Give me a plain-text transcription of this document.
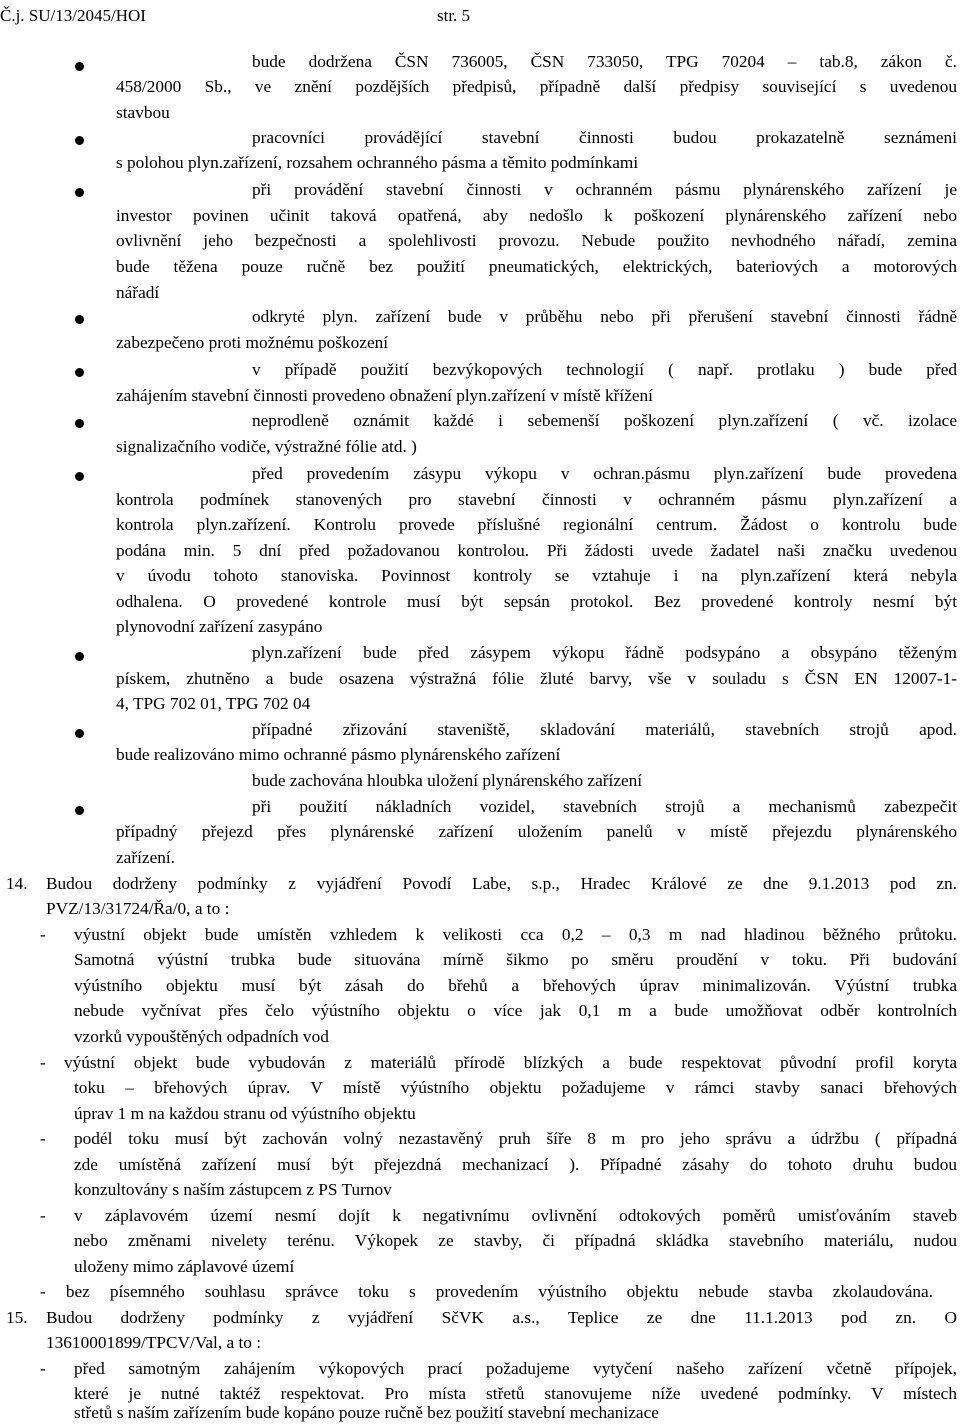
Č.j. SU/13/2045/HOI	str. 5
bude dodržena ČSN 736005, ČSN 733050, TPG 70204 – tab.8, zákon č.
458/2000 Sb., ve znění pozdějších předpisů, případně další předpisy související s uvedenou
stavbou
pracovníci provádějící stavební činnosti budou prokazatelně seznámeni
s polohou plyn.zařízení, rozsahem ochranného pásma a těmito podmínkami
při provádění stavební činnosti v ochranném pásmu plynárenského zařízení je
investor povinen učinit taková opatřená, aby nedošlo k poškození plynárenského zařízení nebo
ovlivnění jeho bezpečnosti a spolehlivosti provozu. Nebude použito nevhodného nářadí, zemina
bude těžena pouze ručně bez použití pneumatických, elektrických, bateriových a motorových
nářadí
odkryté plyn. zařízení bude v průběhu nebo při přerušení stavební činnosti řádně
zabezpečeno proti možnému poškození
v případě použití bezvýkopových technologií ( např. protlaku ) bude před
zahájením stavební činnosti provedeno obnažení plyn.zařízení v místě křížení
neprodleně oznámit každé i sebemenší poškození plyn.zařízení ( vč. izolace
signalizačního vodiče, výstražné fólie atd. )
před provedením zásypu výkopu v ochran.pásmu plyn.zařízení bude provedena
kontrola podmínek stanovených pro stavební činnosti v ochranném pásmu plyn.zařízení a
kontrola plyn.zařízení. Kontrolu provede příslušné regionální centrum. Žádost o kontrolu bude
podána min. 5 dní před požadovanou kontrolou. Při žádosti uvede žadatel naši značku uvedenou
v úvodu tohoto stanoviska. Povinnost kontroly se vztahuje i na plyn.zařízení která nebyla
odhalena. O provedené kontrole musí být sepsán protokol. Bez provedené kontroly nesmí být
plynovodní zařízení zasypáno
plyn.zařízení bude před zásypem výkopu řádně podsypáno a obsypáno těženým
pískem, zhutněno a bude osazena výstražná fólie žluté barvy, vše v souladu s ČSN EN 12007-1-
4, TPG 702 01, TPG 702 04
případné zřizování staveniště, skladování materiálů, stavebních strojů apod.
bude realizováno mimo ochranné pásmo plynárenského zařízení
bude zachována hloubka uložení plynárenského zařízení
při použití nákladních vozidel, stavebních strojů a mechanismů zabezpečit
případný přejezd přes plynárenské zařízení uložením panelů v místě přejezdu plynárenského
zařízení.
14. Budou dodrženy podmínky z vyjádření Povodí Labe, s.p., Hradec Králové ze dne 9.1.2013 pod zn.
PVZ/13/31724/Řa/0, a to :
- výustní objekt bude umístěn vzhledem k velikosti cca 0,2 – 0,3 m nad hladinou běžného průtoku.
Samotná výústní trubka bude situována mírně šikmo po směru proudění v toku. Při budování
výústního objektu musí být zásah do břehů a břehových úprav minimalizován. Výústní trubka
nebude vyčnívat přes čelo výústního objektu o více jak 0,1 m a bude umožňovat odběr kontrolních
vzorků vypouštěných odpadních vod
- výústní objekt bude vybudován z materiálů přírodě blízkých a bude respektovat původní profil koryta
toku – břehových úprav. V místě výústního objektu požadujeme v rámci stavby sanaci břehových
úprav 1 m na každou stranu od výústního objektu
- podél toku musí být zachován volný nezastavěný pruh šíře 8 m pro jeho správu a údržbu ( případná
zde umístěná zařízení musí být přejezdná mechanizací ). Případné zásahy do tohoto druhu budou
konzultovány s naším zástupcem z PS Turnov
- v záplavovém území nesmí dojít k negativnímu ovlivnění odtokových poměrů umisťováním staveb
nebo změnami nivelety terénu. Výkopek ze stavby, či případná skládka stavebního materiálu, nudou
uloženy mimo záplavové území
- bez písemného souhlasu správce toku s provedením výústního objektu nebude stavba zkolaudována.
15. Budou dodrženy podmínky z vyjádření SčVK a.s., Teplice ze dne 11.1.2013 pod zn. O
13610001899/TPCV/Val, a to :
- před samotným zahájením výkopových prací požadujeme vytyčení našeho zařízení včetně přípojek,
které je nutné taktéž respektovat. Pro místa střetů stanovujeme níže uvedené podmínky. V místech
střetů s naším zařízením bude kopáno pouze ručně bez použití stavební mechanizace
